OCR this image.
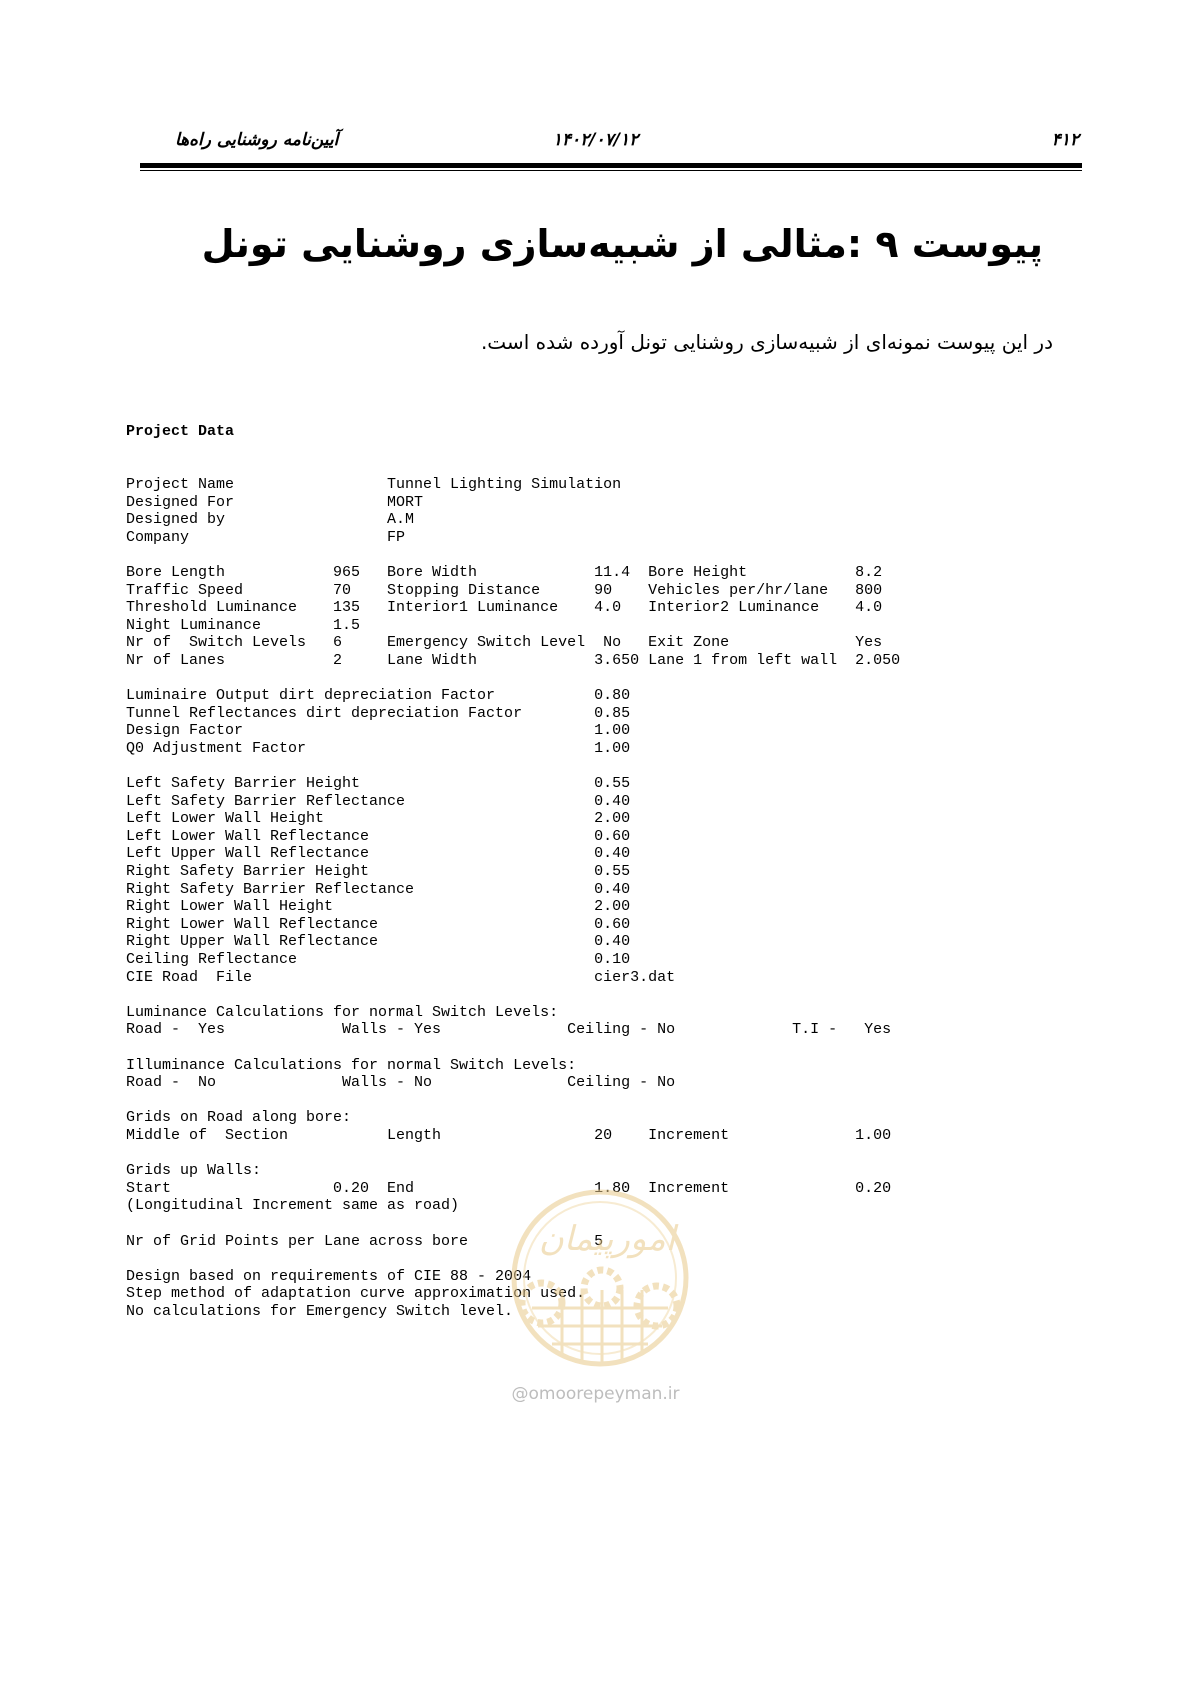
آیین‌نامه روشنایی راه‌ها	۱۴۰۲/۰۷/۱۲	۴۱۲
پیوست ۹ :مثالی از شبیه‌سازی روشنایی تونل
در این پیوست نمونه‌ای از شبیه‌سازی روشنایی تونل آورده شده است.
Project Data
Project Name                 Tunnel Lighting Simulation
Designed For                 MORT
Designed by                  A.M
Company                      FP

Bore Length            965   Bore Width             11.4  Bore Height            8.2
Traffic Speed          70    Stopping Distance      90    Vehicles per/hr/lane   800
Threshold Luminance    135   Interior1 Luminance    4.0   Interior2 Luminance    4.0
Night Luminance        1.5
Nr of  Switch Levels   6     Emergency Switch Level  No   Exit Zone              Yes
Nr of Lanes            2     Lane Width             3.650 Lane 1 from left wall  2.050

Luminaire Output dirt depreciation Factor           0.80
Tunnel Reflectances dirt depreciation Factor        0.85
Design Factor                                       1.00
Q0 Adjustment Factor                                1.00

Left Safety Barrier Height                          0.55
Left Safety Barrier Reflectance                     0.40
Left Lower Wall Height                              2.00
Left Lower Wall Reflectance                         0.60
Left Upper Wall Reflectance                         0.40
Right Safety Barrier Height                         0.55
Right Safety Barrier Reflectance                    0.40
Right Lower Wall Height                             2.00
Right Lower Wall Reflectance                        0.60
Right Upper Wall Reflectance                        0.40
Ceiling Reflectance                                 0.10
CIE Road  File                                      cier3.dat

Luminance Calculations for normal Switch Levels:
Road -  Yes             Walls - Yes              Ceiling - No             T.I -   Yes

Illuminance Calculations for normal Switch Levels:
Road -  No              Walls - No               Ceiling - No

Grids on Road along bore:
Middle of  Section           Length                 20    Increment              1.00

Grids up Walls:
Start                  0.20  End                    1.80  Increment              0.20
(Longitudinal Increment same as road)

Nr of Grid Points per Lane across bore              5

Design based on requirements of CIE 88 - 2004
Step method of adaptation curve approximation used.
No calculations for Emergency Switch level.
امورپیمان
@omoorepeyman.ir
